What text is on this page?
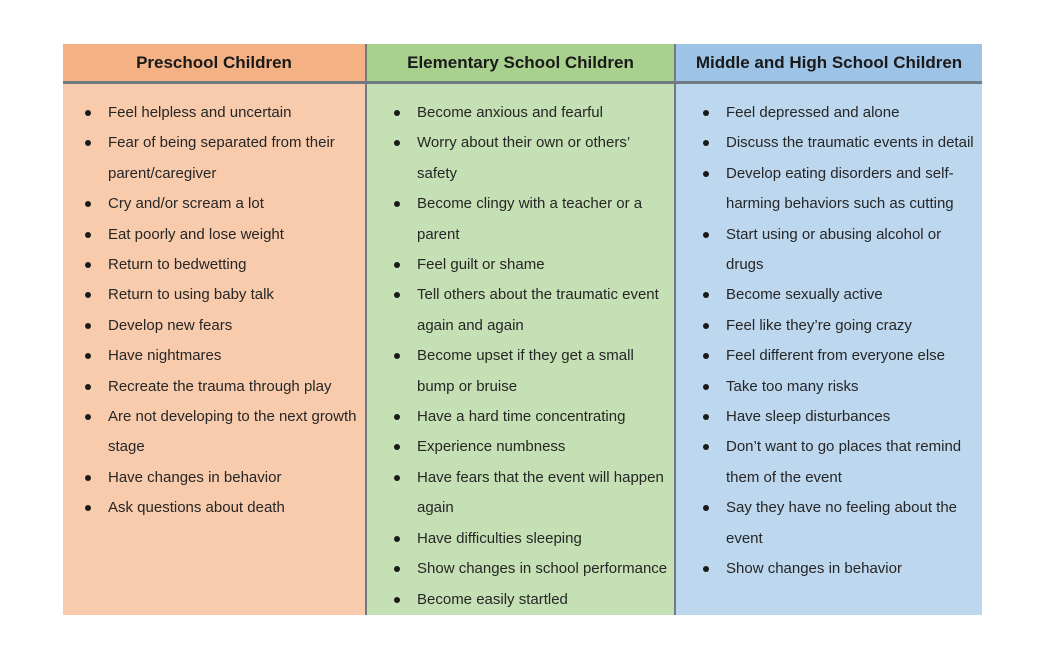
Preschool Children
Feel helpless and uncertain
Fear of being separated from their parent/caregiver
Cry and/or scream a lot
Eat poorly and lose weight
Return to bedwetting
Return to using baby talk
Develop new fears
Have nightmares
Recreate the trauma through play
Are not developing to the next growth stage
Have changes in behavior
Ask questions about death
Elementary School Children
Become anxious and fearful
Worry about their own or others’ safety
Become clingy with a teacher or a parent
Feel guilt or shame
Tell others about the traumatic event again and again
Become upset if they get a small bump or bruise
Have a hard time concentrating
Experience numbness
Have fears that the event will happen again
Have difficulties sleeping
Show changes in school performance
Become easily startled
Middle and High School Children
Feel depressed and alone
Discuss the traumatic events in detail
Develop eating disorders and self-harming behaviors such as cutting
Start using or abusing alcohol or drugs
Become sexually active
Feel like they’re going crazy
Feel different from everyone else
Take too many risks
Have sleep disturbances
Don’t want to go places that remind them of the event
Say they have no feeling about the event
Show changes in behavior
